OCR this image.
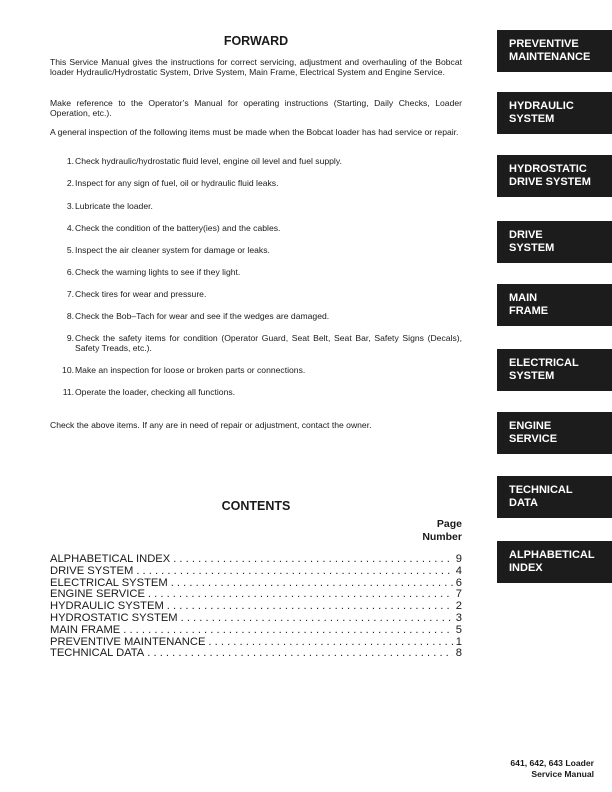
FORWARD

This Service Manual gives the instructions for correct servicing, adjustment and overhauling of the Bobcat loader Hydraulic/Hydrostatic System, Drive System, Main Frame, Electrical System and Engine Service.

Make reference to the Operator’s Manual for operating instructions (Starting, Daily Checks, Loader Operation, etc.).

A general inspection of the following items must be made when the Bobcat loader has had service or repair.

1. Check hydraulic/hydrostatic fluid level, engine oil level and fuel supply.
2. Inspect for any sign of fuel, oil or hydraulic fluid leaks.
3. Lubricate the loader.
4. Check the condition of the battery(ies) and the cables.
5. Inspect the air cleaner system for damage or leaks.
6. Check the warning lights to see if they light.
7. Check tires for wear and pressure.
8. Check the Bob–Tach for wear and see if the wedges are damaged.
9. Check the safety items for condition (Operator Guard, Seat Belt, Seat Bar, Safety Signs (Decals), Safety Treads, etc.).
10. Make an inspection for loose or broken parts or connections.
11. Operate the loader, checking all functions.

Check the above items. If any are in need of repair or adjustment, contact the owner.

CONTENTS
Page
Number
ALPHABETICAL INDEX . . .	9
DRIVE SYSTEM . . .	4
ELECTRICAL SYSTEM . . .	6
ENGINE SERVICE . . .	7
HYDRAULIC SYSTEM . . .	2
HYDROSTATIC SYSTEM . . .	3
MAIN FRAME . . .	5
PREVENTIVE MAINTENANCE . . .	1
TECHNICAL DATA . . .	8
PREVENTIVE
MAINTENANCE
HYDRAULIC
SYSTEM
HYDROSTATIC
DRIVE SYSTEM
DRIVE
SYSTEM
MAIN
FRAME
ELECTRICAL
SYSTEM
ENGINE
SERVICE
TECHNICAL
DATA
ALPHABETICAL
INDEX
641, 642, 643 Loader
Service Manual
